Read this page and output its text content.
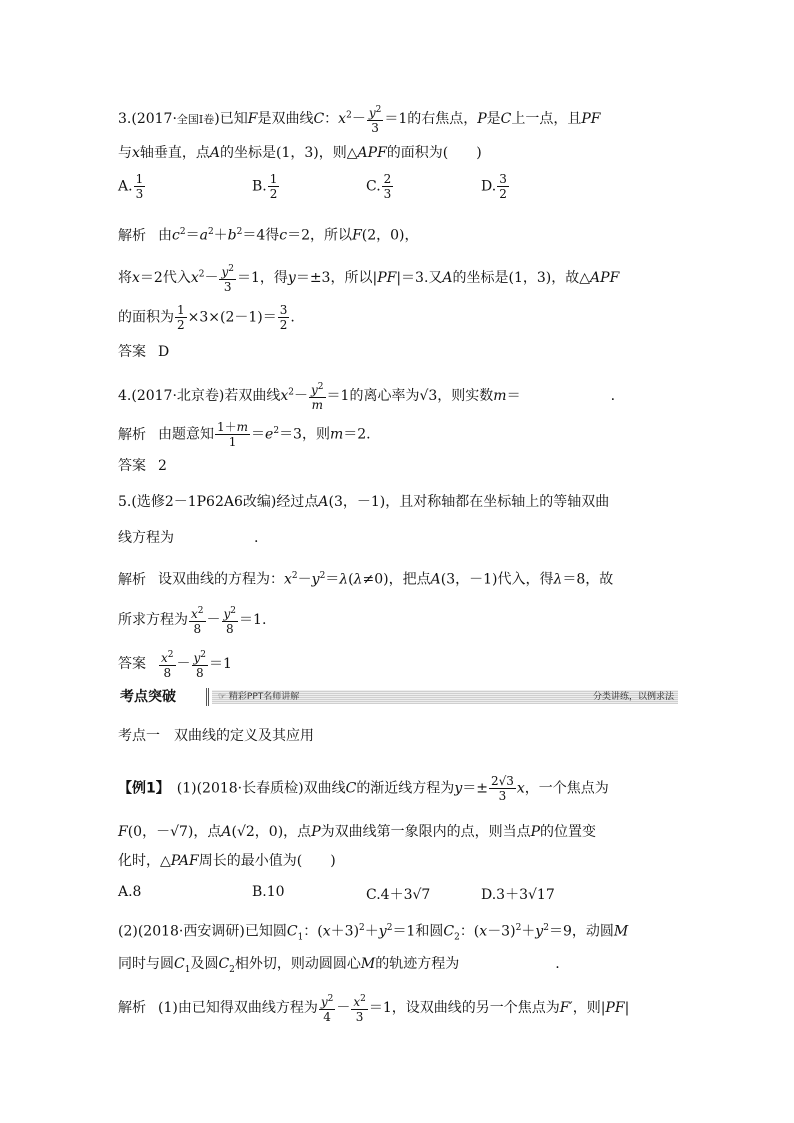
3.(2017·全国Ⅰ卷)已知F是双曲线C：$x^2- \frac{y^2}{3} =1$的右焦点，P是C上一点，且PF
与x轴垂直，点A的坐标是(1，3)，则△APF的面积为(　　)
A. $\frac{1}{3}$	B. $\frac{1}{2}$	C. $\frac{2}{3}$	D. $\frac{3}{2}$
解析 由$c^2=a^2+b^2=4$得c＝2，所以F(2，0)，
将x＝2代入$x^2- \frac{y^2}{3} =1$，得y＝±3，所以|PF|＝3.又A的坐标是(1，3)，故△APF
的面积为 $\frac{1}{2} \times 3\times(2-1)= \frac{3}{2}$ .
答案 D
4.(2017·北京卷)若双曲线$x^2- \frac{y^2}{m} =1$的离心率为√3，则实数m＝	.
解析 由题意知 $\frac{1+m}{1} =e^2=3$，则m＝2.
答案 2
5.(选修2－1P62A6改编)经过点A(3，－1)，且对称轴都在坐标轴上的等轴双曲
线方程为	.
解析 设双曲线的方程为：$x^2-y^2=\lambda(\lambda\ne 0)$，把点A(3，－1)代入，得λ＝8，故
所求方程为 $\frac{x^2}{8} - \frac{y^2}{8} =1$.
答案 $\frac{x^2}{8} - \frac{y^2}{8} =1$
考点突破	☞ 精彩PPT名师讲解	分类讲练，以例求法
考点一　双曲线的定义及其应用
【例1】　(1)(2018·长春质检)双曲线C的渐近线方程为$y=\pm \frac{2√3}{3}$ x，一个焦点为
F(0，－√7)，点A(√2，0)，点P为双曲线第一象限内的点，则当点P的位置变
化时，△PAF周长的最小值为(　　)
A.8	B.10	C.4＋3√7	D.3＋3√17
(2)(2018·西安调研)已知圆$C_1$：$(x+3)^2+y^2=1$和圆$C_2$：$(x-3)^2+y^2=9$，动圆M
同时与圆$C_1$及圆$C_2$相外切，则动圆圆心M的轨迹方程为	.
解析 (1)由已知得双曲线方程为 $\frac{y^2}{4} - \frac{x^2}{3} =1$，设双曲线的另一个焦点为F′，则|PF|
